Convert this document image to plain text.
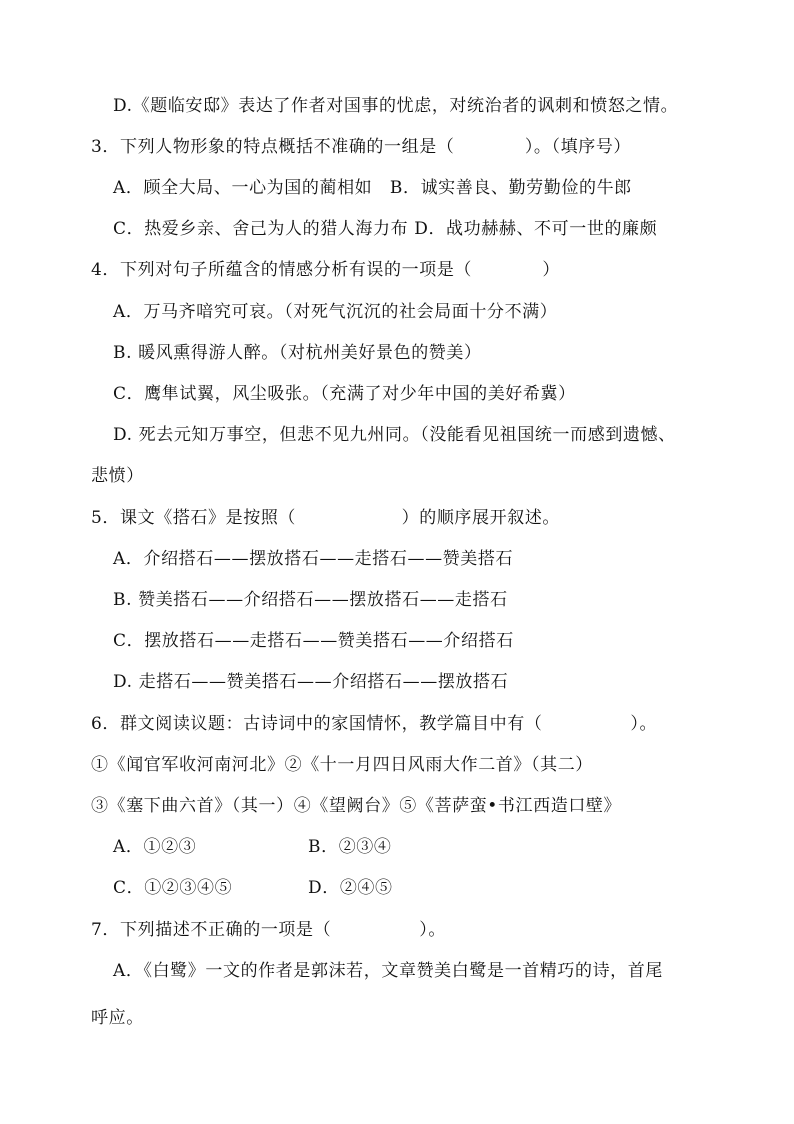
D.《题临安邸》表达了作者对国事的忧虑，对统治者的讽刺和愤怒之情。
3．下列人物形象的特点概括不准确的一组是（　　　　）。（填序号）
A．顾全大局、一心为国的蔺相如　B．诚实善良、勤劳勤俭的牛郎
C．热爱乡亲、舍己为人的猎人海力布 D．战功赫赫、不可一世的廉颇
4．下列对句子所蕴含的情感分析有误的一项是（　　　　）
A．万马齐喑究可哀。（对死气沉沉的社会局面十分不满）
B. 暖风熏得游人醉。（对杭州美好景色的赞美）
C．鹰隼试翼，风尘吸张。（充满了对少年中国的美好希冀）
D. 死去元知万事空，但悲不见九州同。（没能看见祖国统一而感到遗憾、
悲愤）
5．课文《搭石》是按照（　　　　　　）的顺序展开叙述。
A．介绍搭石——摆放搭石——走搭石——赞美搭石
B. 赞美搭石——介绍搭石——摆放搭石——走搭石
C．摆放搭石——走搭石——赞美搭石——介绍搭石
D. 走搭石——赞美搭石——介绍搭石——摆放搭石
6．群文阅读议题：古诗词中的家国情怀，教学篇目中有（　　　　　）。
①《闻官军收河南河北》②《十一月四日风雨大作二首》（其二）
③《塞下曲六首》（其一）④《望阙台》⑤《菩萨蛮•书江西造口壁》
A．①②③	B．②③④
C．①②③④⑤	D．②④⑤
7．下列描述不正确的一项是（　　　　　）。
A．《白鹭》一文的作者是郭沫若，文章赞美白鹭是一首精巧的诗，首尾
呼应。
